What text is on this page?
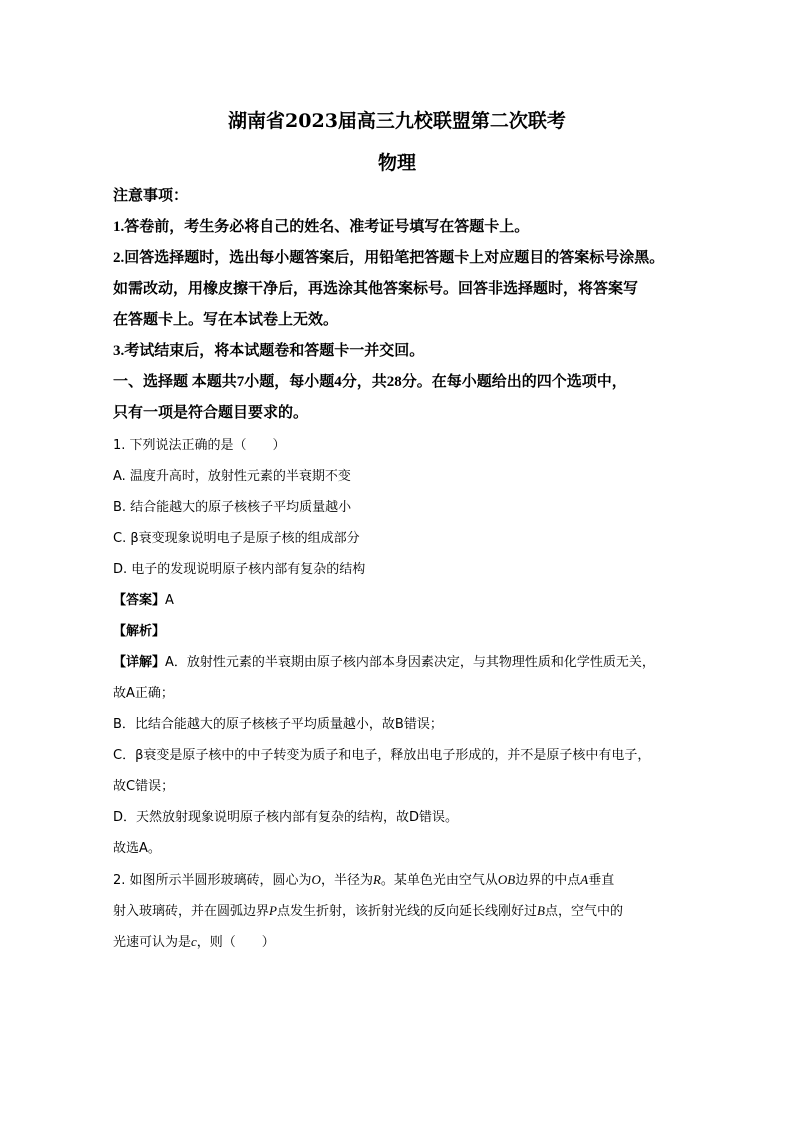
湖南省2023届高三九校联盟第二次联考
物理
注意事项：
1.答卷前，考生务必将自己的姓名、准考证号填写在答题卡上。
2.回答选择题时，选出每小题答案后，用铅笔把答题卡上对应题目的答案标号涂黑。
如需改动，用橡皮擦干净后，再选涂其他答案标号。回答非选择题时，将答案写
在答题卡上。写在本试卷上无效。
3.考试结束后，将本试题卷和答题卡一并交回。
一、选择题 本题共7小题，每小题4分，共28分。在每小题给出的四个选项中，
只有一项是符合题目要求的。
1. 下列说法正确的是（　　）
A. 温度升高时，放射性元素的半衰期不变
B. 结合能越大的原子核核子平均质量越小
C. β衰变现象说明电子是原子核的组成部分
D. 电子的发现说明原子核内部有复杂的结构
【答案】A
【解析】
【详解】A．放射性元素的半衰期由原子核内部本身因素决定，与其物理性质和化学性质无关，
故A正确；
B．比结合能越大的原子核核子平均质量越小，故B错误；
C．β衰变是原子核中的中子转变为质子和电子，释放出电子形成的，并不是原子核中有电子，
故C错误；
D．天然放射现象说明原子核内部有复杂的结构，故D错误。
故选A。
2. 如图所示半圆形玻璃砖，圆心为O，半径为R。某单色光由空气从OB边界的中点A垂直
射入玻璃砖，并在圆弧边界P点发生折射，该折射光线的反向延长线刚好过B点，空气中的
光速可认为是c，则（　　）
